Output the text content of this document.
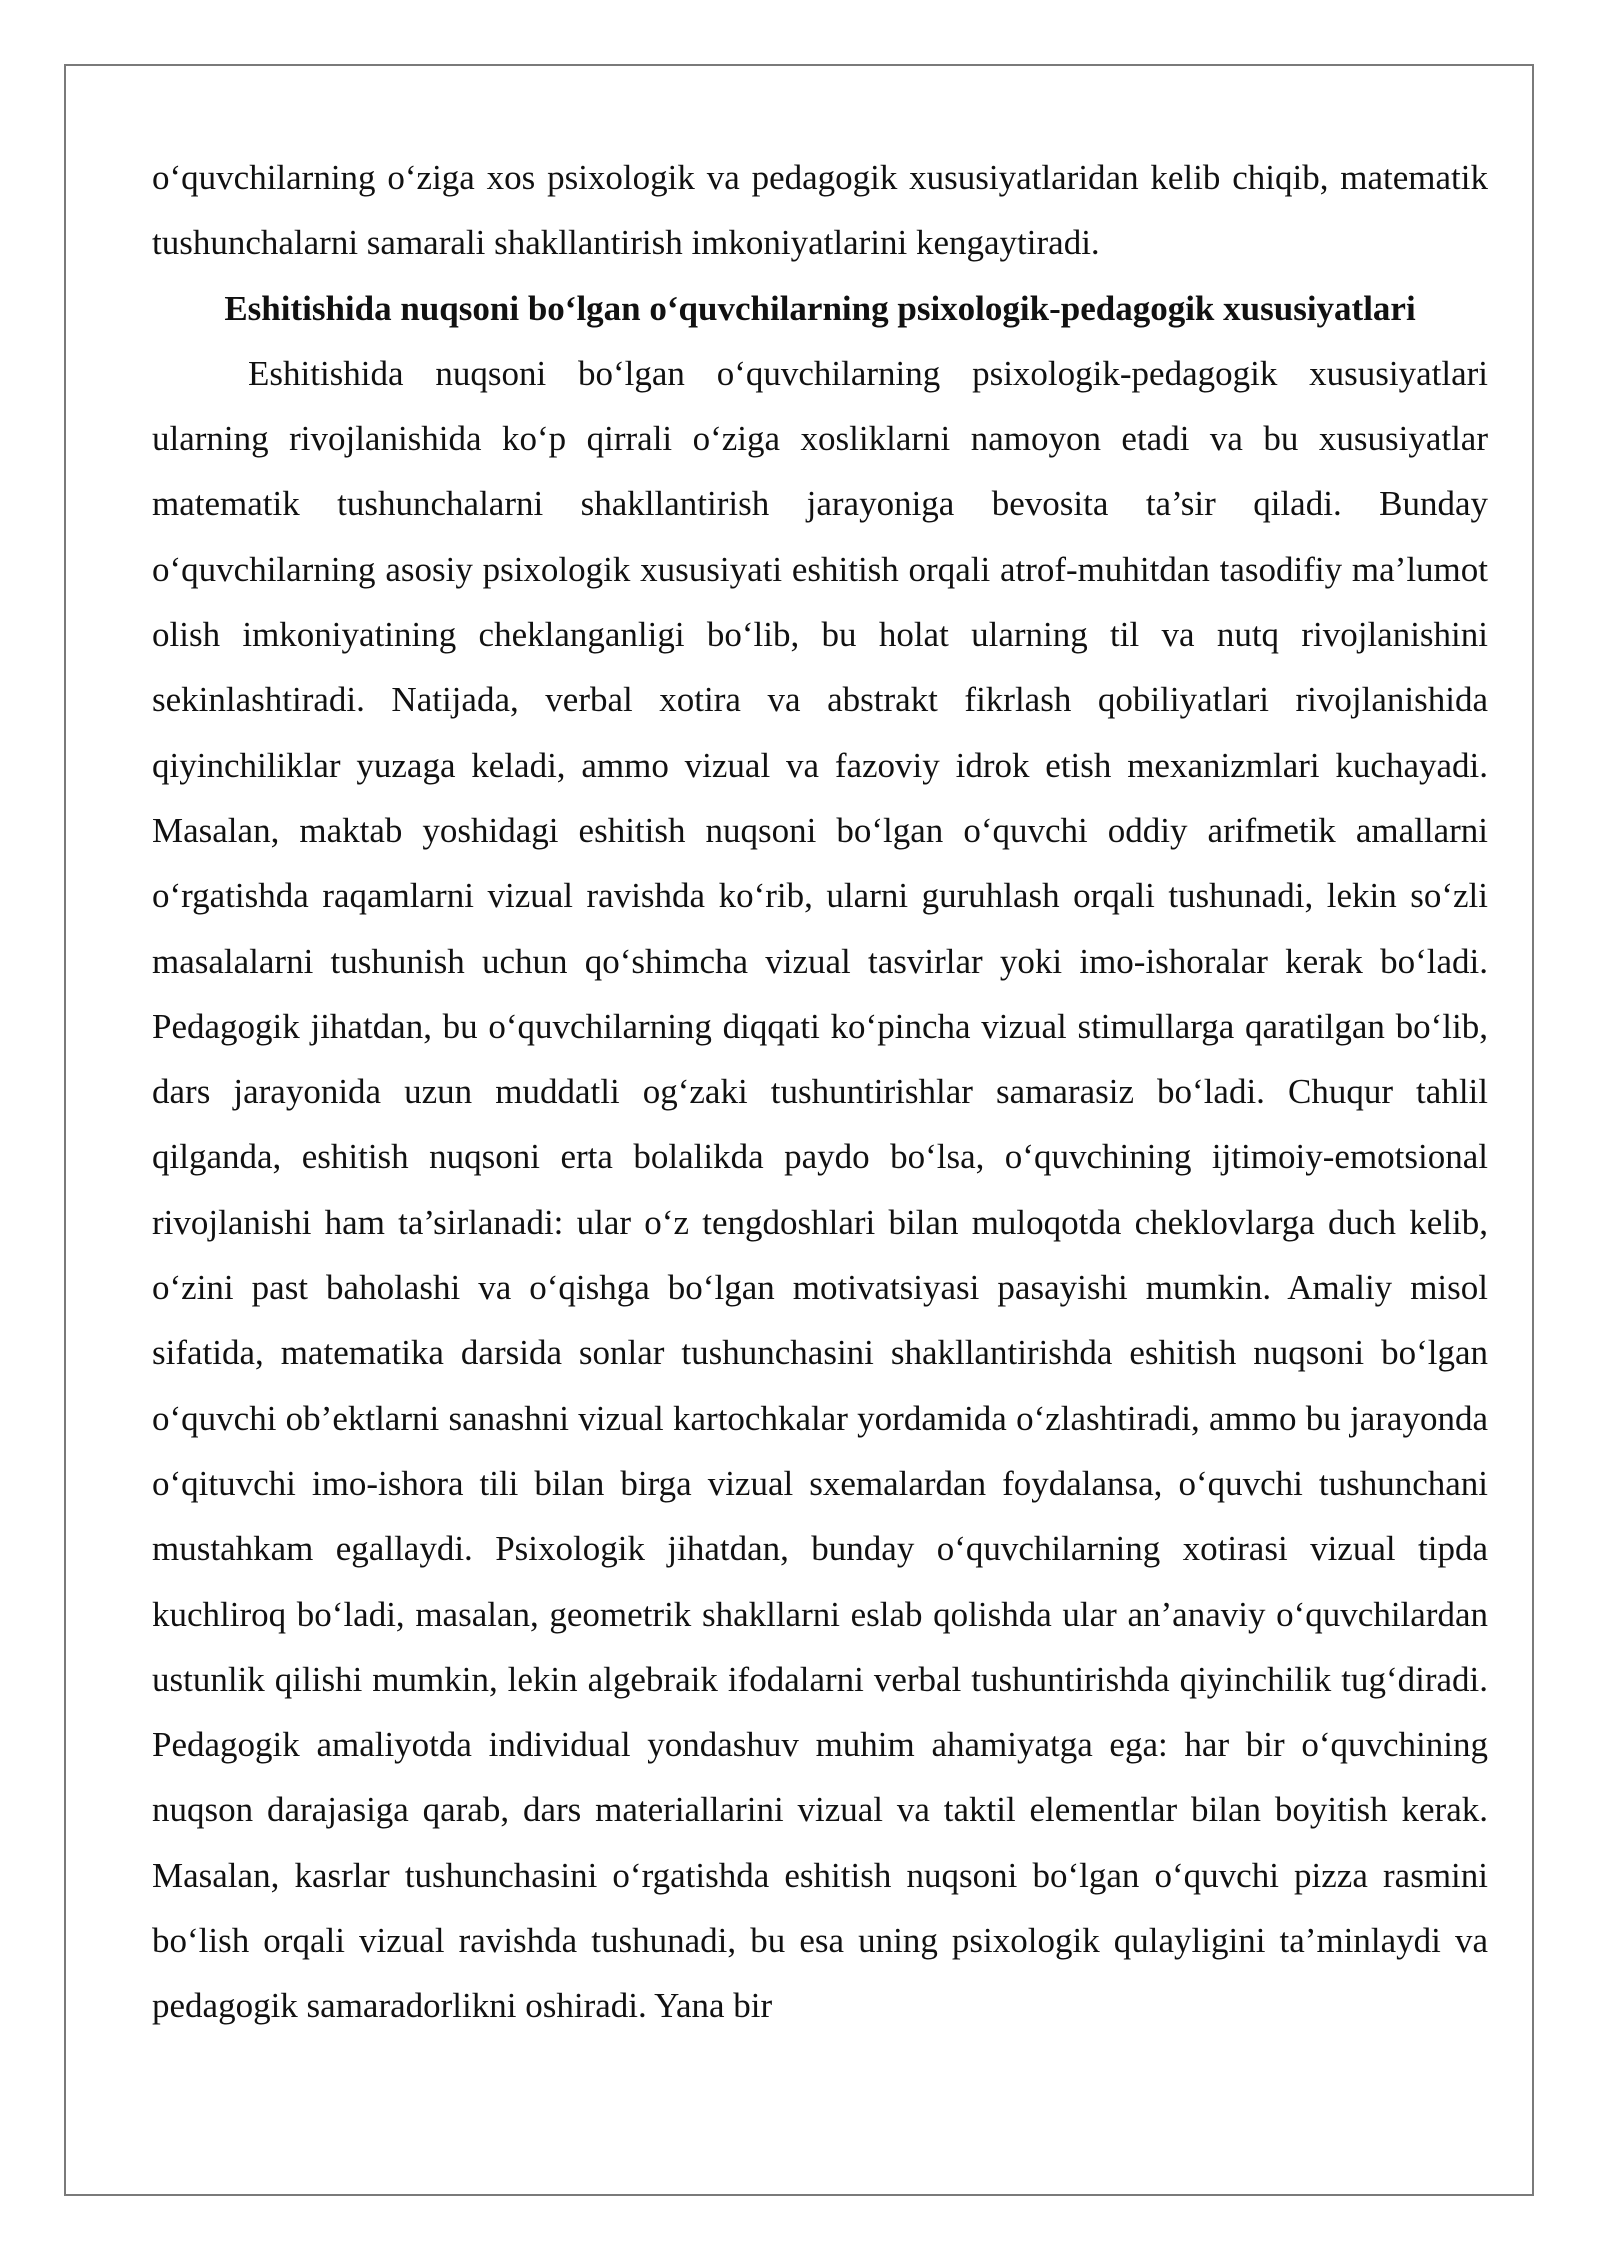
o‘quvchilarning o‘ziga xos psixologik va pedagogik xususiyatlaridan kelib chiqib, matematik tushunchalarni samarali shakllantirish imkoniyatlarini kengaytiradi.

Eshitishida nuqsoni bo‘lgan o‘quvchilarning psixologik-pedagogik xususiyatlari

Eshitishida nuqsoni bo‘lgan o‘quvchilarning psixologik-pedagogik xususiyatlari ularning rivojlanishida ko‘p qirrali o‘ziga xosliklarni namoyon etadi va bu xususiyatlar matematik tushunchalarni shakllantirish jarayoniga bevosita ta’sir qiladi. Bunday o‘quvchilarning asosiy psixologik xususiyati eshitish orqali atrof-muhitdan tasodifiy ma’lumot olish imkoniyatining cheklanganligi bo‘lib, bu holat ularning til va nutq rivojlanishini sekinlashtiradi. Natijada, verbal xotira va abstrakt fikrlash qobiliyatlari rivojlanishida qiyinchiliklar yuzaga keladi, ammo vizual va fazoviy idrok etish mexanizmlari kuchayadi. Masalan, maktab yoshidagi eshitish nuqsoni bo‘lgan o‘quvchi oddiy arifmetik amallarni o‘rgatishda raqamlarni vizual ravishda ko‘rib, ularni guruhlash orqali tushunadi, lekin so‘zli masalalarni tushunish uchun qo‘shimcha vizual tasvirlar yoki imo-ishoralar kerak bo‘ladi. Pedagogik jihatdan, bu o‘quvchilarning diqqati ko‘pincha vizual stimullarga qaratilgan bo‘lib, dars jarayonida uzun muddatli og‘zaki tushuntirishlar samarasiz bo‘ladi. Chuqur tahlil qilganda, eshitish nuqsoni erta bolalikda paydo bo‘lsa, o‘quvchining ijtimoiy-emotsional rivojlanishi ham ta’sirlanadi: ular o‘z tengdoshlari bilan muloqotda cheklovlarga duch kelib, o‘zini past baholashi va o‘qishga bo‘lgan motivatsiyasi pasayishi mumkin. Amaliy misol sifatida, matematika darsida sonlar tushunchasini shakllantirishda eshitish nuqsoni bo‘lgan o‘quvchi ob’ektlarni sanashni vizual kartochkalar yordamida o‘zlashtiradi, ammo bu jarayonda o‘qituvchi imo-ishora tili bilan birga vizual sxemalardan foydalansa, o‘quvchi tushunchani mustahkam egallaydi. Psixologik jihatdan, bunday o‘quvchilarning xotirasi vizual tipda kuchliroq bo‘ladi, masalan, geometrik shakllarni eslab qolishda ular an’anaviy o‘quvchilardan ustunlik qilishi mumkin, lekin algebraik ifodalarni verbal tushuntirishda qiyinchilik tug‘diradi. Pedagogik amaliyotda individual yondashuv muhim ahamiyatga ega: har bir o‘quvchining nuqson darajasiga qarab, dars materiallarini vizual va taktil elementlar bilan boyitish kerak. Masalan, kasrlar tushunchasini o‘rgatishda eshitish nuqsoni bo‘lgan o‘quvchi pizza rasmini bo‘lish orqali vizual ravishda tushunadi, bu esa uning psixologik qulayligini ta’minlaydi va pedagogik samaradorlikni oshiradi. Yana bir
